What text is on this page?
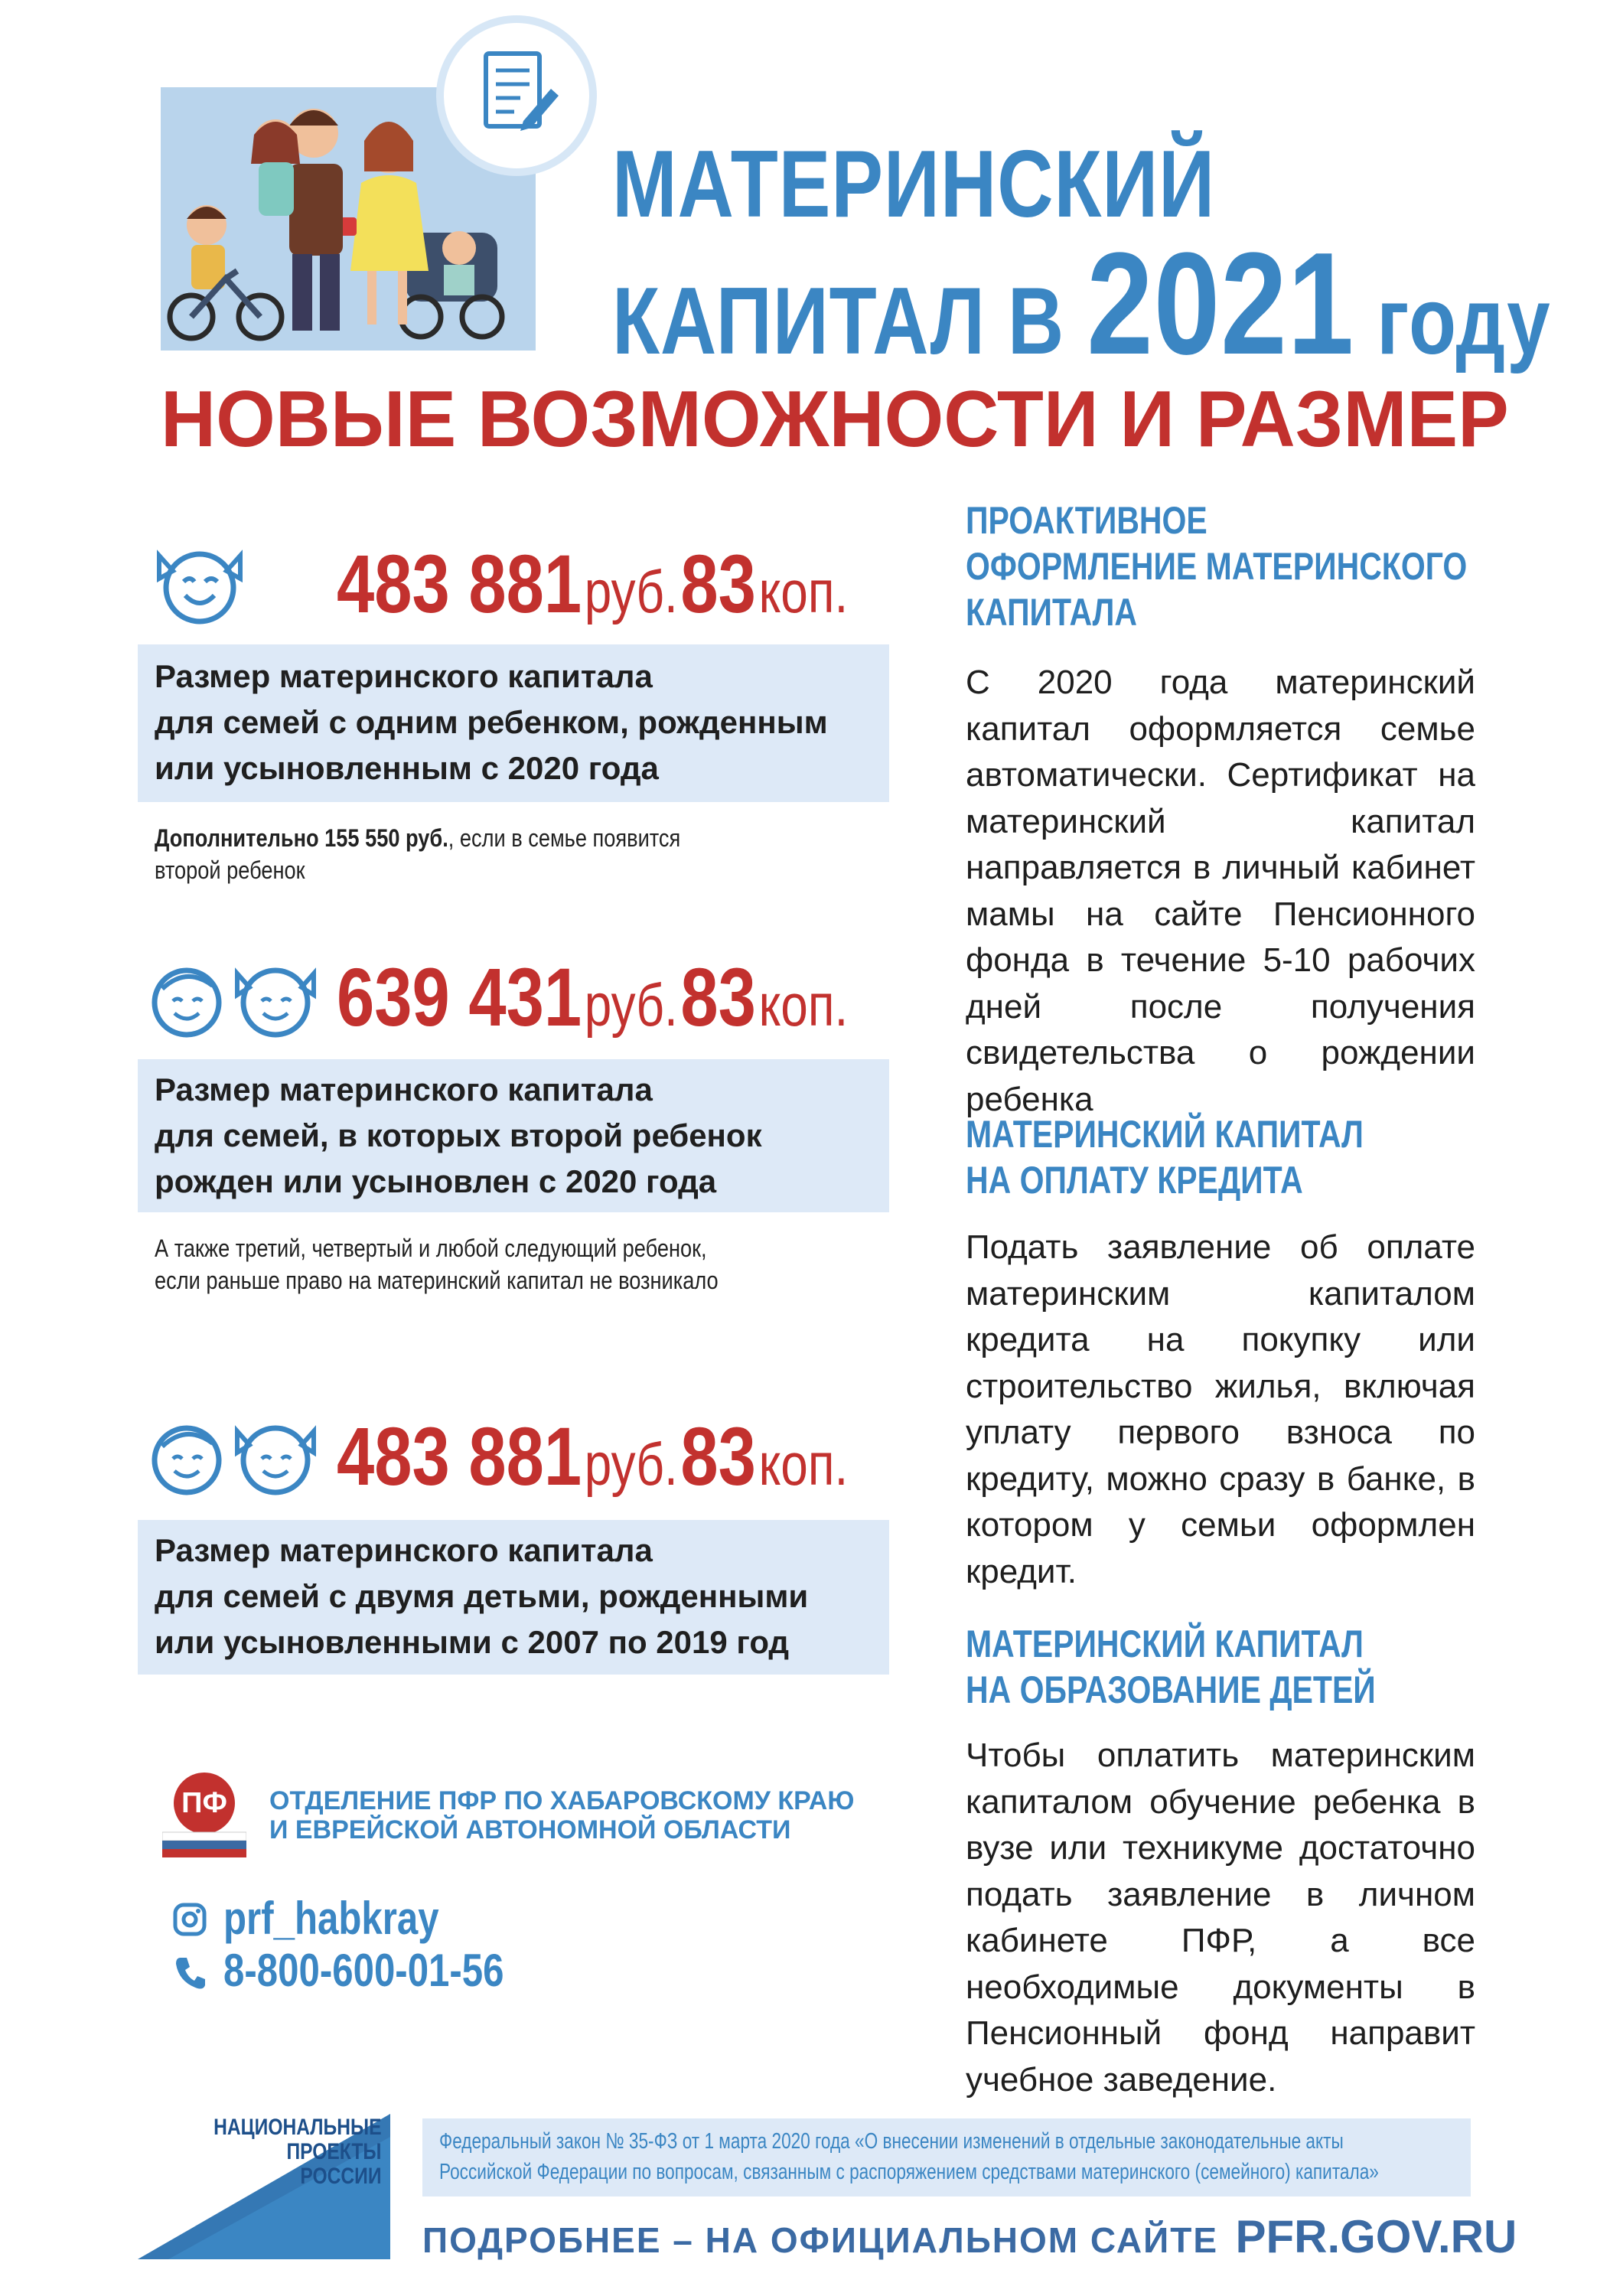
МАТЕРИНСКИЙ
КАПИТАЛ В 2021 году
НОВЫЕ ВОЗМОЖНОСТИ И РАЗМЕР
483 881 руб. 83 коп.
Размер материнского капитала
для семей с одним ребенком, рожденным
или усыновленным с 2020 года
Дополнительно 155 550 руб., если в семье появится
второй ребенок
639 431 руб. 83 коп.
Размер материнского капитала
для семей, в которых второй ребенок
рожден или усыновлен с 2020 года
А также третий, четвертый и любой следующий ребенок,
если раньше право на материнский капитал не возникало
483 881 руб. 83 коп.
Размер материнского капитала
для семей с двумя детьми, рожденными
или усыновленными с 2007 по 2019 год
ПРОАКТИВНОЕ
ОФОРМЛЕНИЕ МАТЕРИНСКОГО
КАПИТАЛА
С 2020 года материнский капитал оформляется семье автоматически. Сертификат на материнский капитал направляется в личный кабинет мамы на сайте Пенсионного фонда в течение 5-10 рабочих дней после получения свидетельства о рождении ребенка
МАТЕРИНСКИЙ КАПИТАЛ
НА ОПЛАТУ КРЕДИТА
Подать заявление об оплате материнским капиталом кредита на покупку или строительство жилья, включая уплату первого взноса по кредиту, можно сразу в банке, в котором у семьи оформлен кредит.
МАТЕРИНСКИЙ КАПИТАЛ
НА ОБРАЗОВАНИЕ ДЕТЕЙ
Чтобы оплатить материнским капиталом обучение ребенка в вузе или техникуме достаточно подать заявление в личном кабинете ПФР, а все необходимые документы в Пенсионный фонд направит учебное заведение.
ПФ	ОТДЕЛЕНИЕ ПФР ПО ХАБАРОВСКОМУ КРАЮ
И ЕВРЕЙСКОЙ АВТОНОМНОЙ ОБЛАСТИ
prf_habkray
8-800-600-01-56
НАЦИОНАЛЬНЫЕ
ПРОЕКТЫ
РОССИИ
Федеральный закон № 35-ФЗ от 1 марта 2020 года «О внесении изменений в отдельные законодательные акты
Российской Федерации по вопросам, связанным с распоряжением средствами материнского (семейного) капитала»
ПОДРОБНЕЕ – НА ОФИЦИАЛЬНОМ САЙТЕ PFR.GOV.RU
